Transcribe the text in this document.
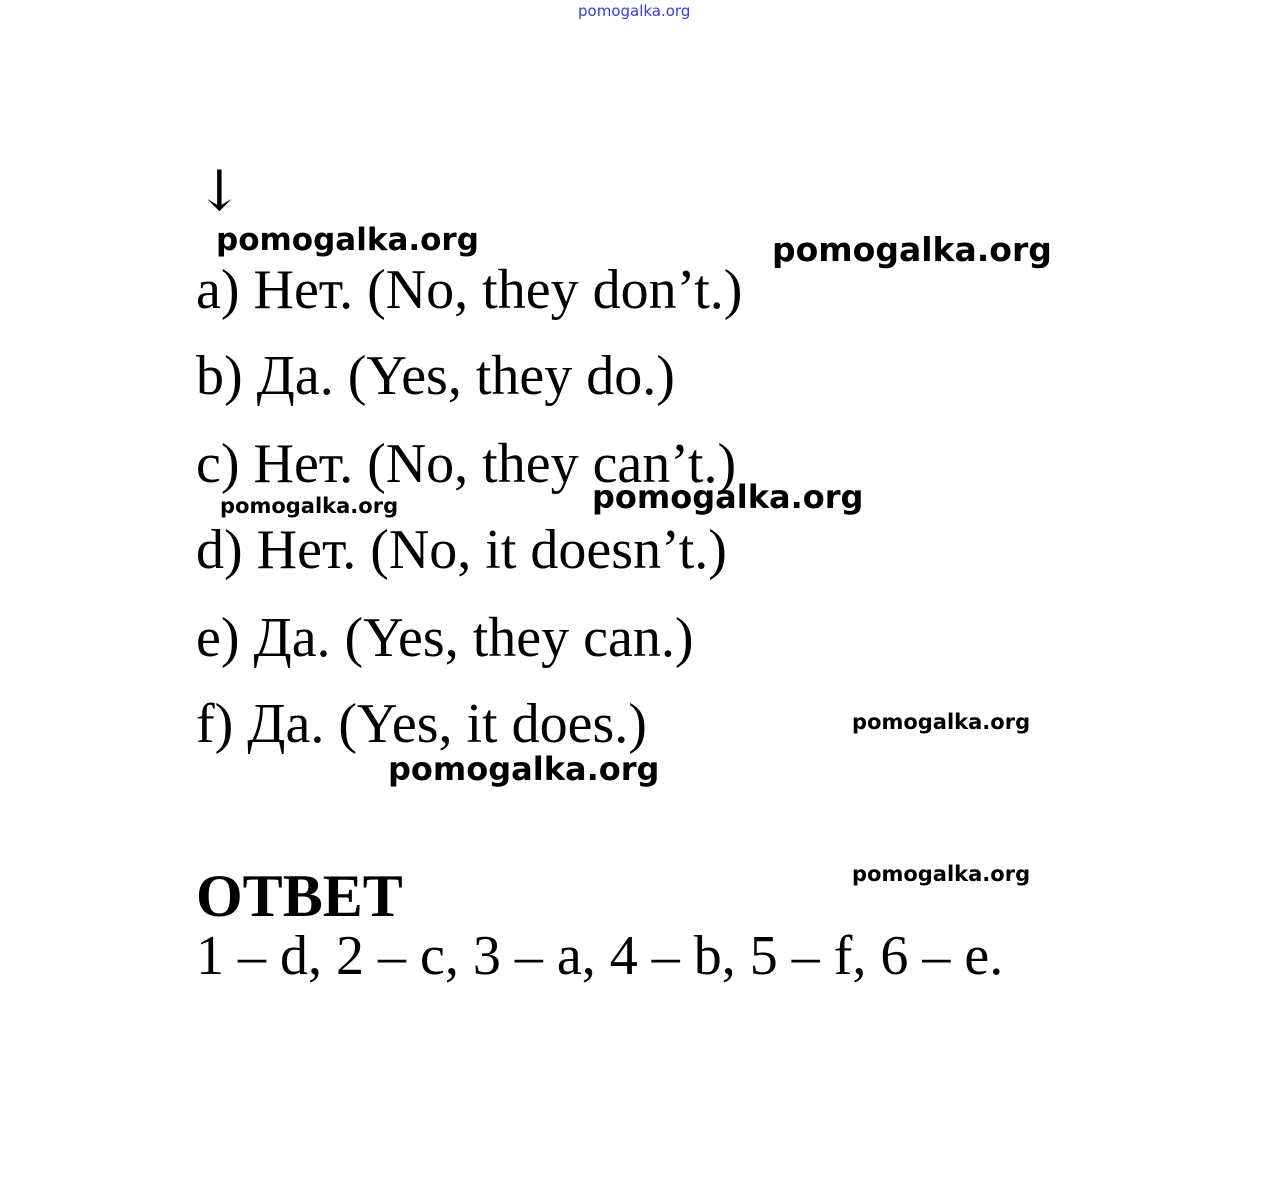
pomogalka.org
↓
a) Нет. (No, they don’t.)
b) Да. (Yes, they do.)
c) Нет. (No, they can’t.)
d) Нет. (No, it doesn’t.)
e) Да. (Yes, they can.)
f) Да. (Yes, it does.)
ОТВЕТ
1 – d, 2 – c, 3 – a, 4 – b, 5 – f, 6 – e.
pomogalka.org	pomogalka.org
pomogalka.org	pomogalka.org
pomogalka.org
pomogalka.org
pomogalka.org
